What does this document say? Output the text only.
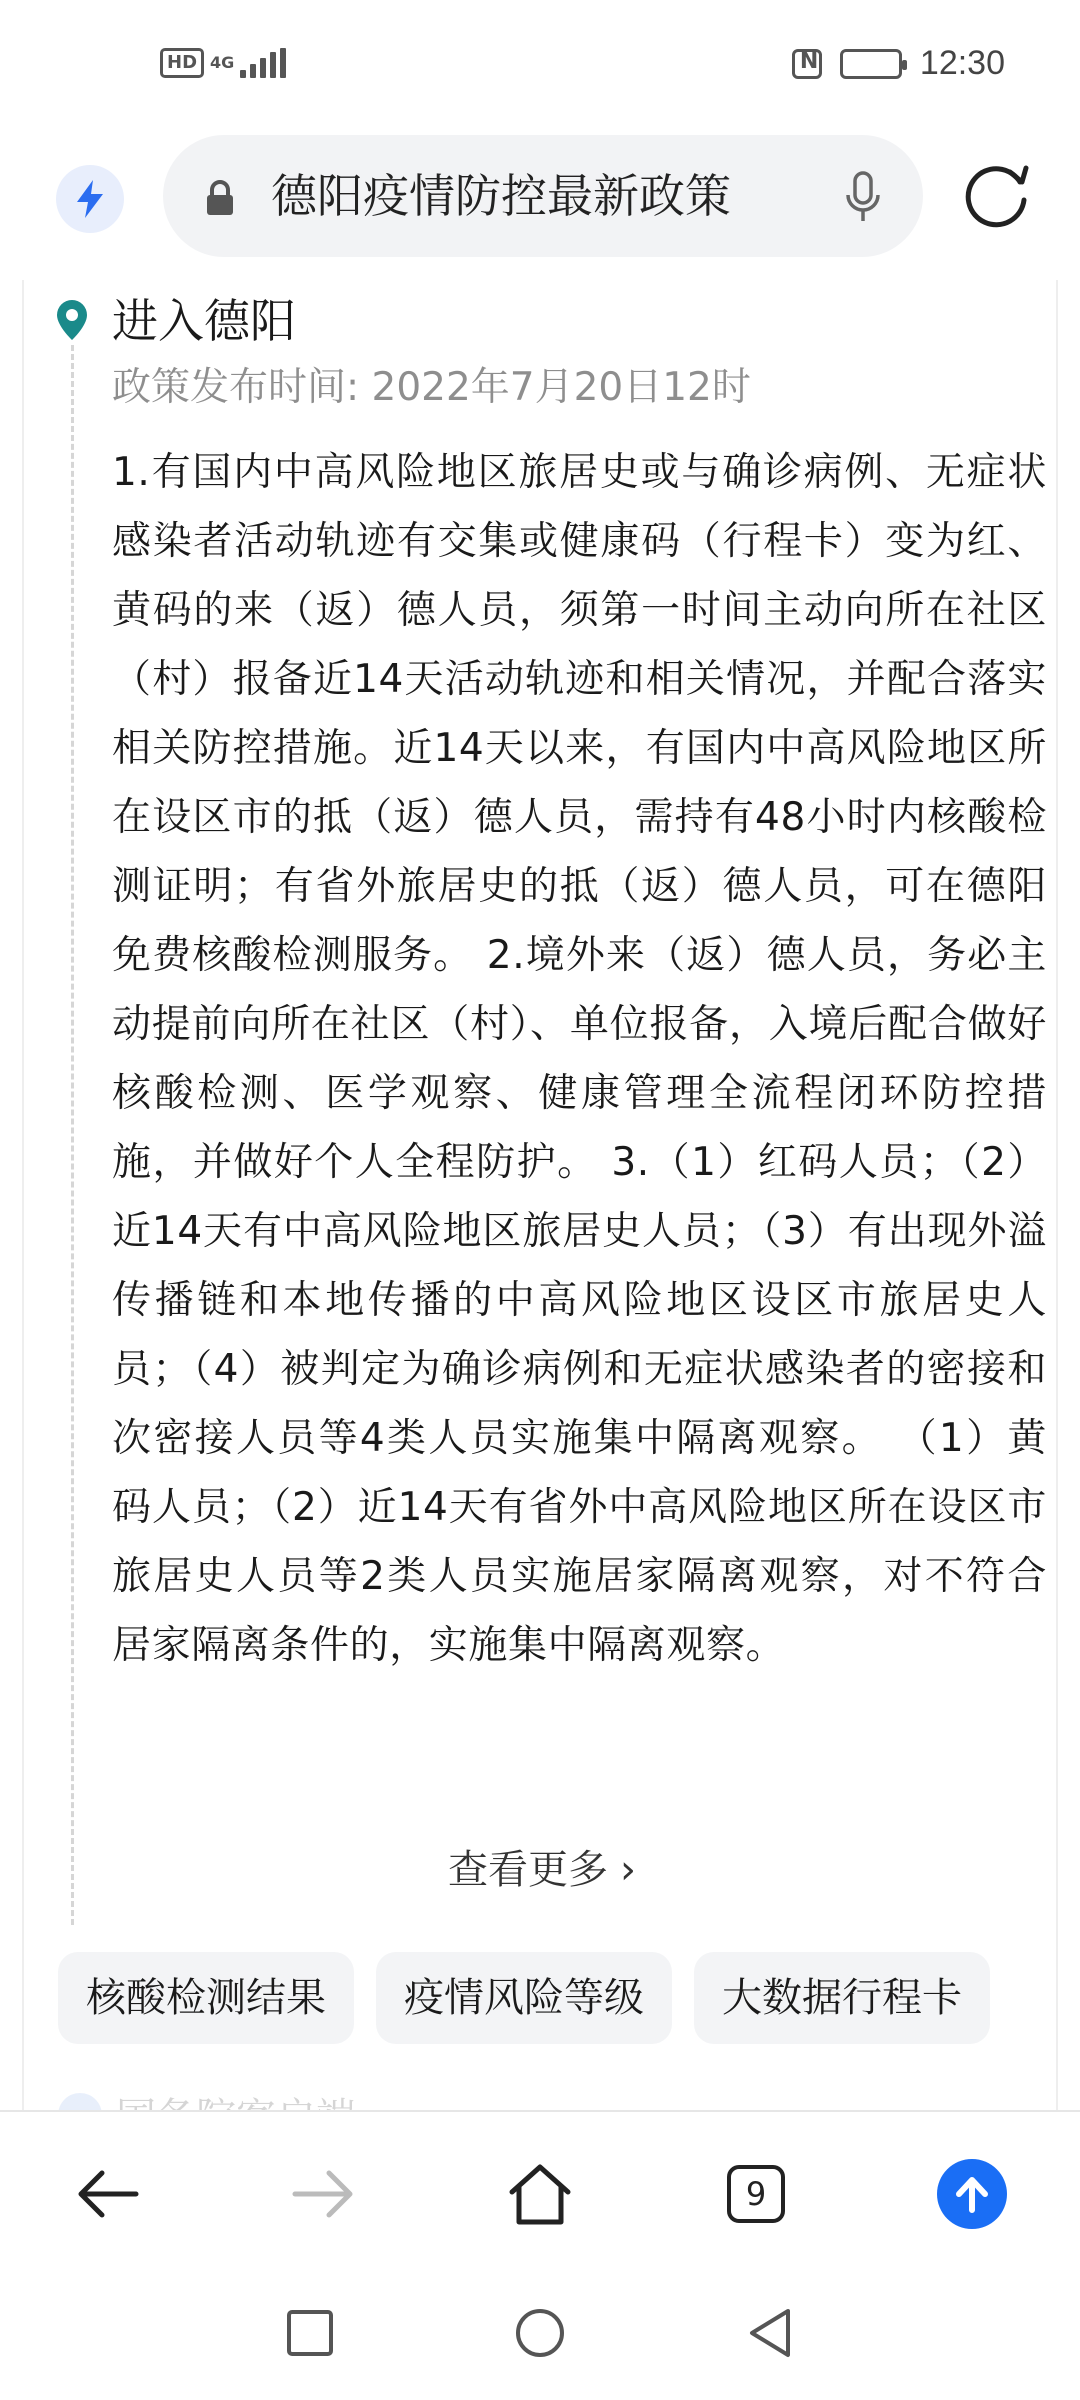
HD 4G
N	12:30
德阳疫情防控最新政策
进入德阳
政策发布时间: 2022年7月20日12时
1.有国内中高风险地区旅居史或与确诊病例、无症状感染者活动轨迹有交集或健康码（行程卡）变为红、黄码的来（返）德人员，须第一时间主动向所在社区（村）报备近14天活动轨迹和相关情况，并配合落实相关防控措施。近14天以来，有国内中高风险地区所在设区市的抵（返）德人员，需持有48小时内核酸检测证明；有省外旅居史的抵（返）德人员，可在德阳免费核酸检测服务。 2.境外来（返）德人员，务必主动提前向所在社区（村）、单位报备，入境后配合做好核酸检测、医学观察、健康管理全流程闭环防控措施，并做好个人全程防护。 3.（1）红码人员；（2）近14天有中高风险地区旅居史人员；（3）有出现外溢传播链和本地传播的中高风险地区设区市旅居史人员；（4）被判定为确诊病例和无症状感染者的密接和次密接人员等4类人员实施集中隔离观察。 （1）黄码人员；（2）近14天有省外中高风险地区所在设区市旅居史人员等2类人员实施居家隔离观察，对不符合居家隔离条件的，实施集中隔离观察。
查看更多 ›
核酸检测结果	疫情风险等级	大数据行程卡
9
